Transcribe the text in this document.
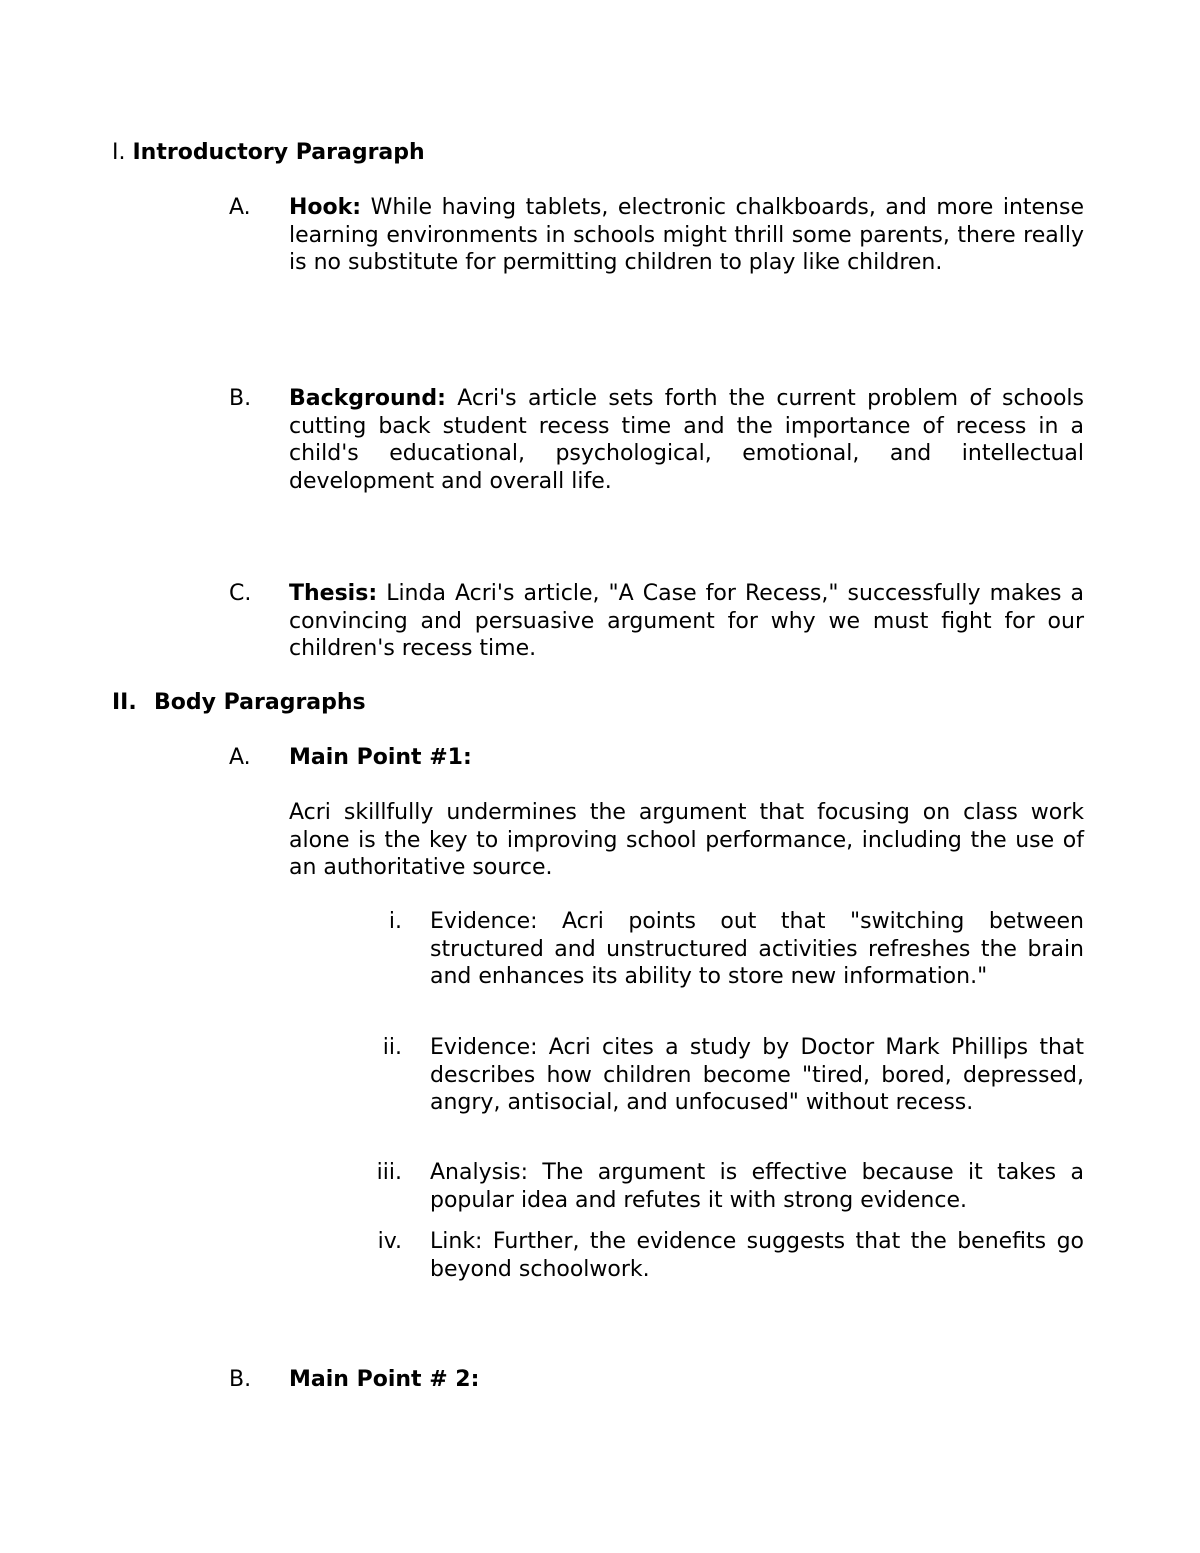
I. Introductory Paragraph
A. Hook: While having tablets, electronic chalkboards, and more intense learning environments in schools might thrill some parents, there really is no substitute for permitting children to play like children.
B. Background: Acri's article sets forth the current problem of schools cutting back student recess time and the importance of recess in a child's educational, psychological, emotional, and intellectual development and overall life.
C. Thesis: Linda Acri's article, "A Case for Recess," successfully makes a convincing and persuasive argument for why we must fight for our children's recess time.
II. Body Paragraphs
A. Main Point #1:
Acri skillfully undermines the argument that focusing on class work alone is the key to improving school performance, including the use of an authoritative source.
i. Evidence: Acri points out that "switching between structured and unstructured activities refreshes the brain and enhances its ability to store new information."
ii. Evidence: Acri cites a study by Doctor Mark Phillips that describes how children become "tired, bored, depressed, angry, antisocial, and unfocused" without recess.
iii. Analysis: The argument is effective because it takes a popular idea and refutes it with strong evidence.
iv. Link: Further, the evidence suggests that the benefits go beyond schoolwork.
B. Main Point # 2:
